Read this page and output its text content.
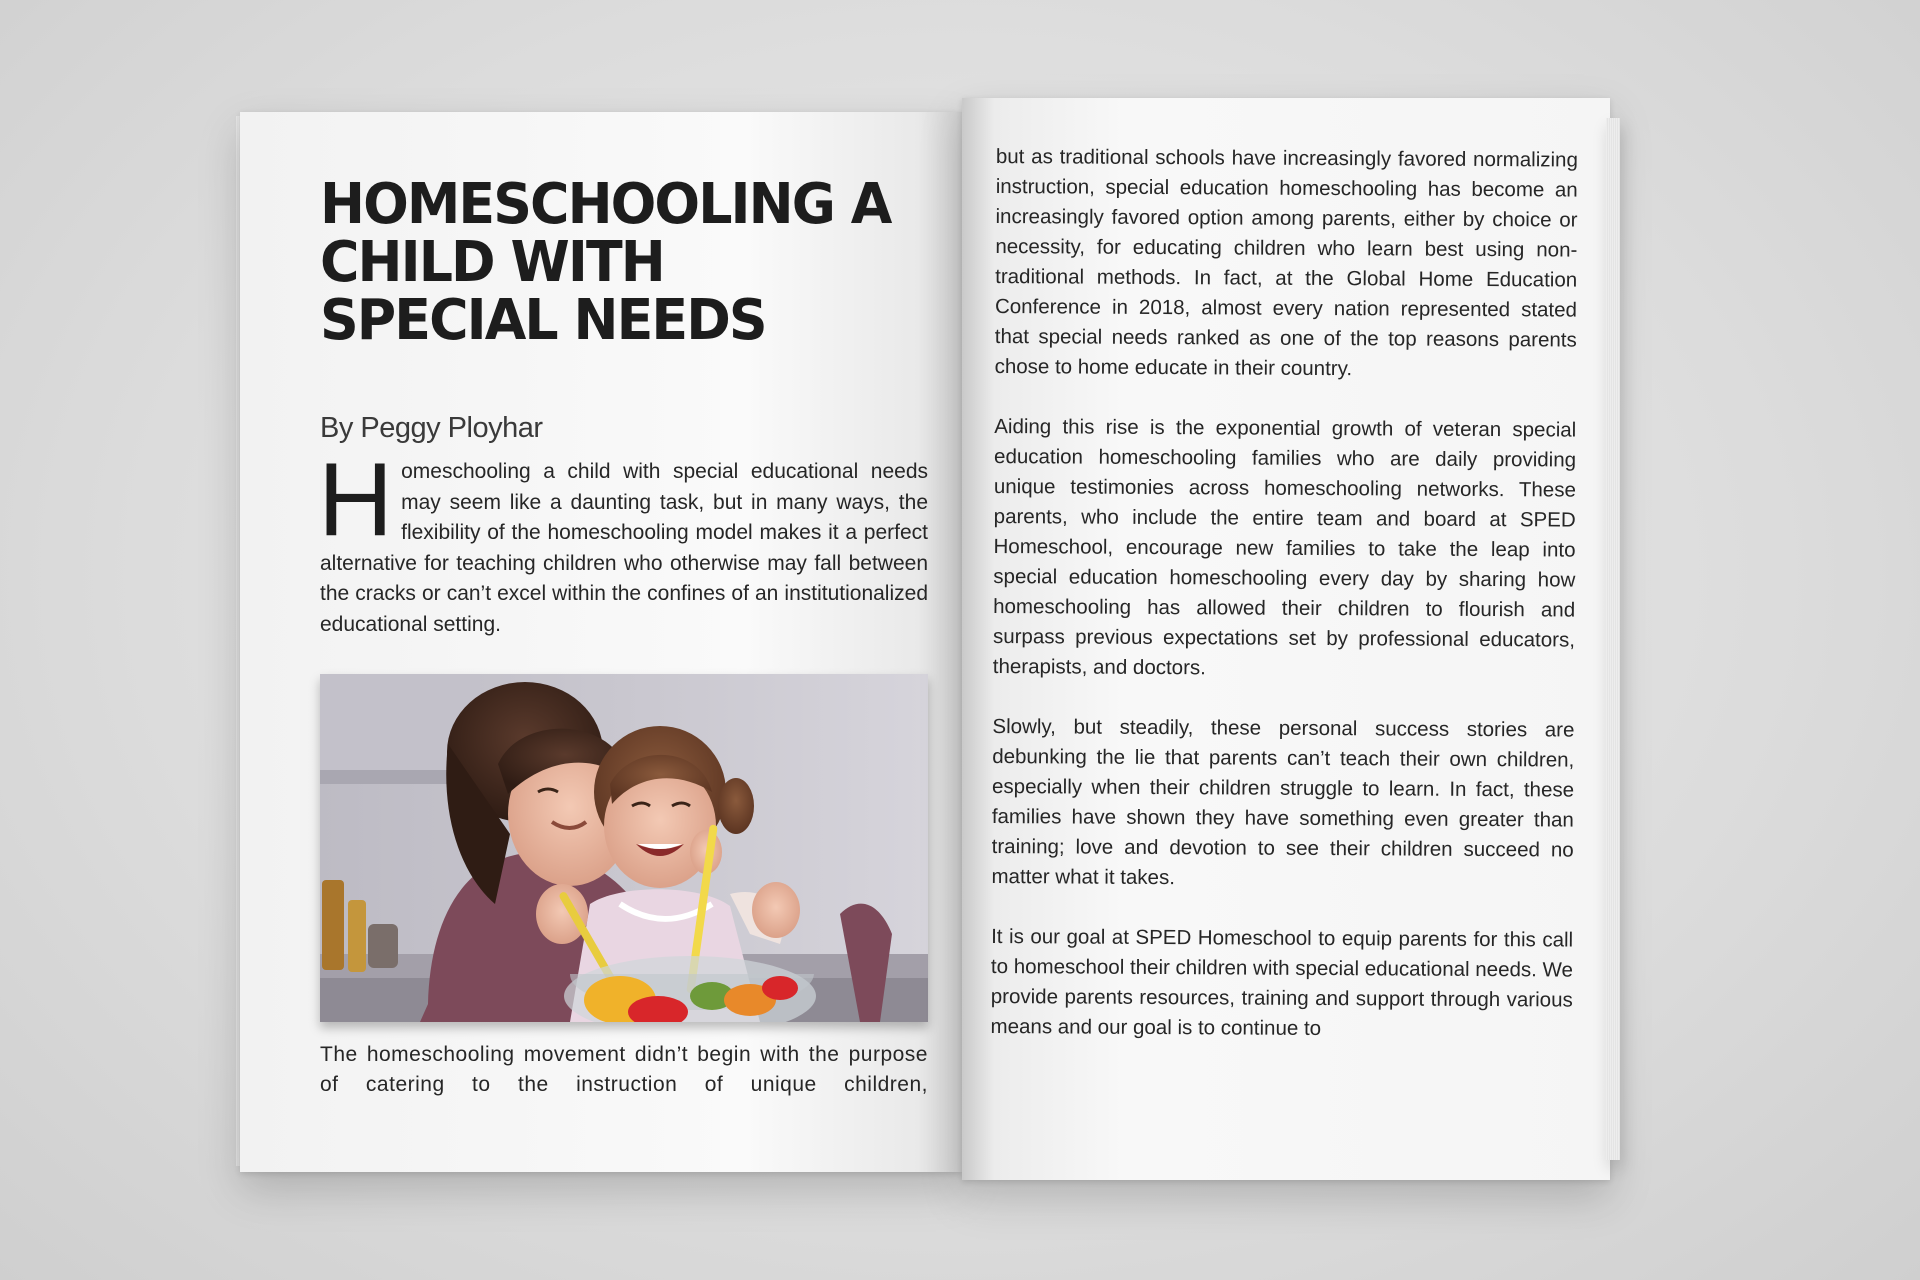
HOMESCHOOLING A CHILD WITH SPECIAL NEEDS

By Peggy Ployhar

Homeschooling a child with special educational needs may seem like a daunting task, but in many ways, the flexibility of the homeschooling model makes it a perfect alternative for teaching children who otherwise may fall between the cracks or can’t excel within the confines of an institutionalized educational setting.

The homeschooling movement didn’t begin with the purpose of catering to the instruction of unique children,

but as traditional schools have increasingly favored normalizing instruction, special education homeschooling has become an increasingly favored option among parents, either by choice or necessity, for educating children who learn best using non-traditional methods. In fact, at the Global Home Education Conference in 2018, almost every nation represented stated that special needs ranked as one of the top reasons parents chose to home educate in their country.

Aiding this rise is the exponential growth of veteran special education homeschooling families who are daily providing unique testimonies across homeschooling networks. These parents, who include the entire team and board at SPED Homeschool, encourage new families to take the leap into special education homeschooling every day by sharing how homeschooling has allowed their children to flourish and surpass previous expectations set by professional educators, therapists, and doctors.

Slowly, but steadily, these personal success stories are debunking the lie that parents can’t teach their own children, especially when their children struggle to learn. In fact, these families have shown they have something even greater than training; love and devotion to see their children succeed no matter what it takes.

It is our goal at SPED Homeschool to equip parents for this call to homeschool their children with special educational needs. We provide parents resources, training and support through various means and our goal is to continue to
